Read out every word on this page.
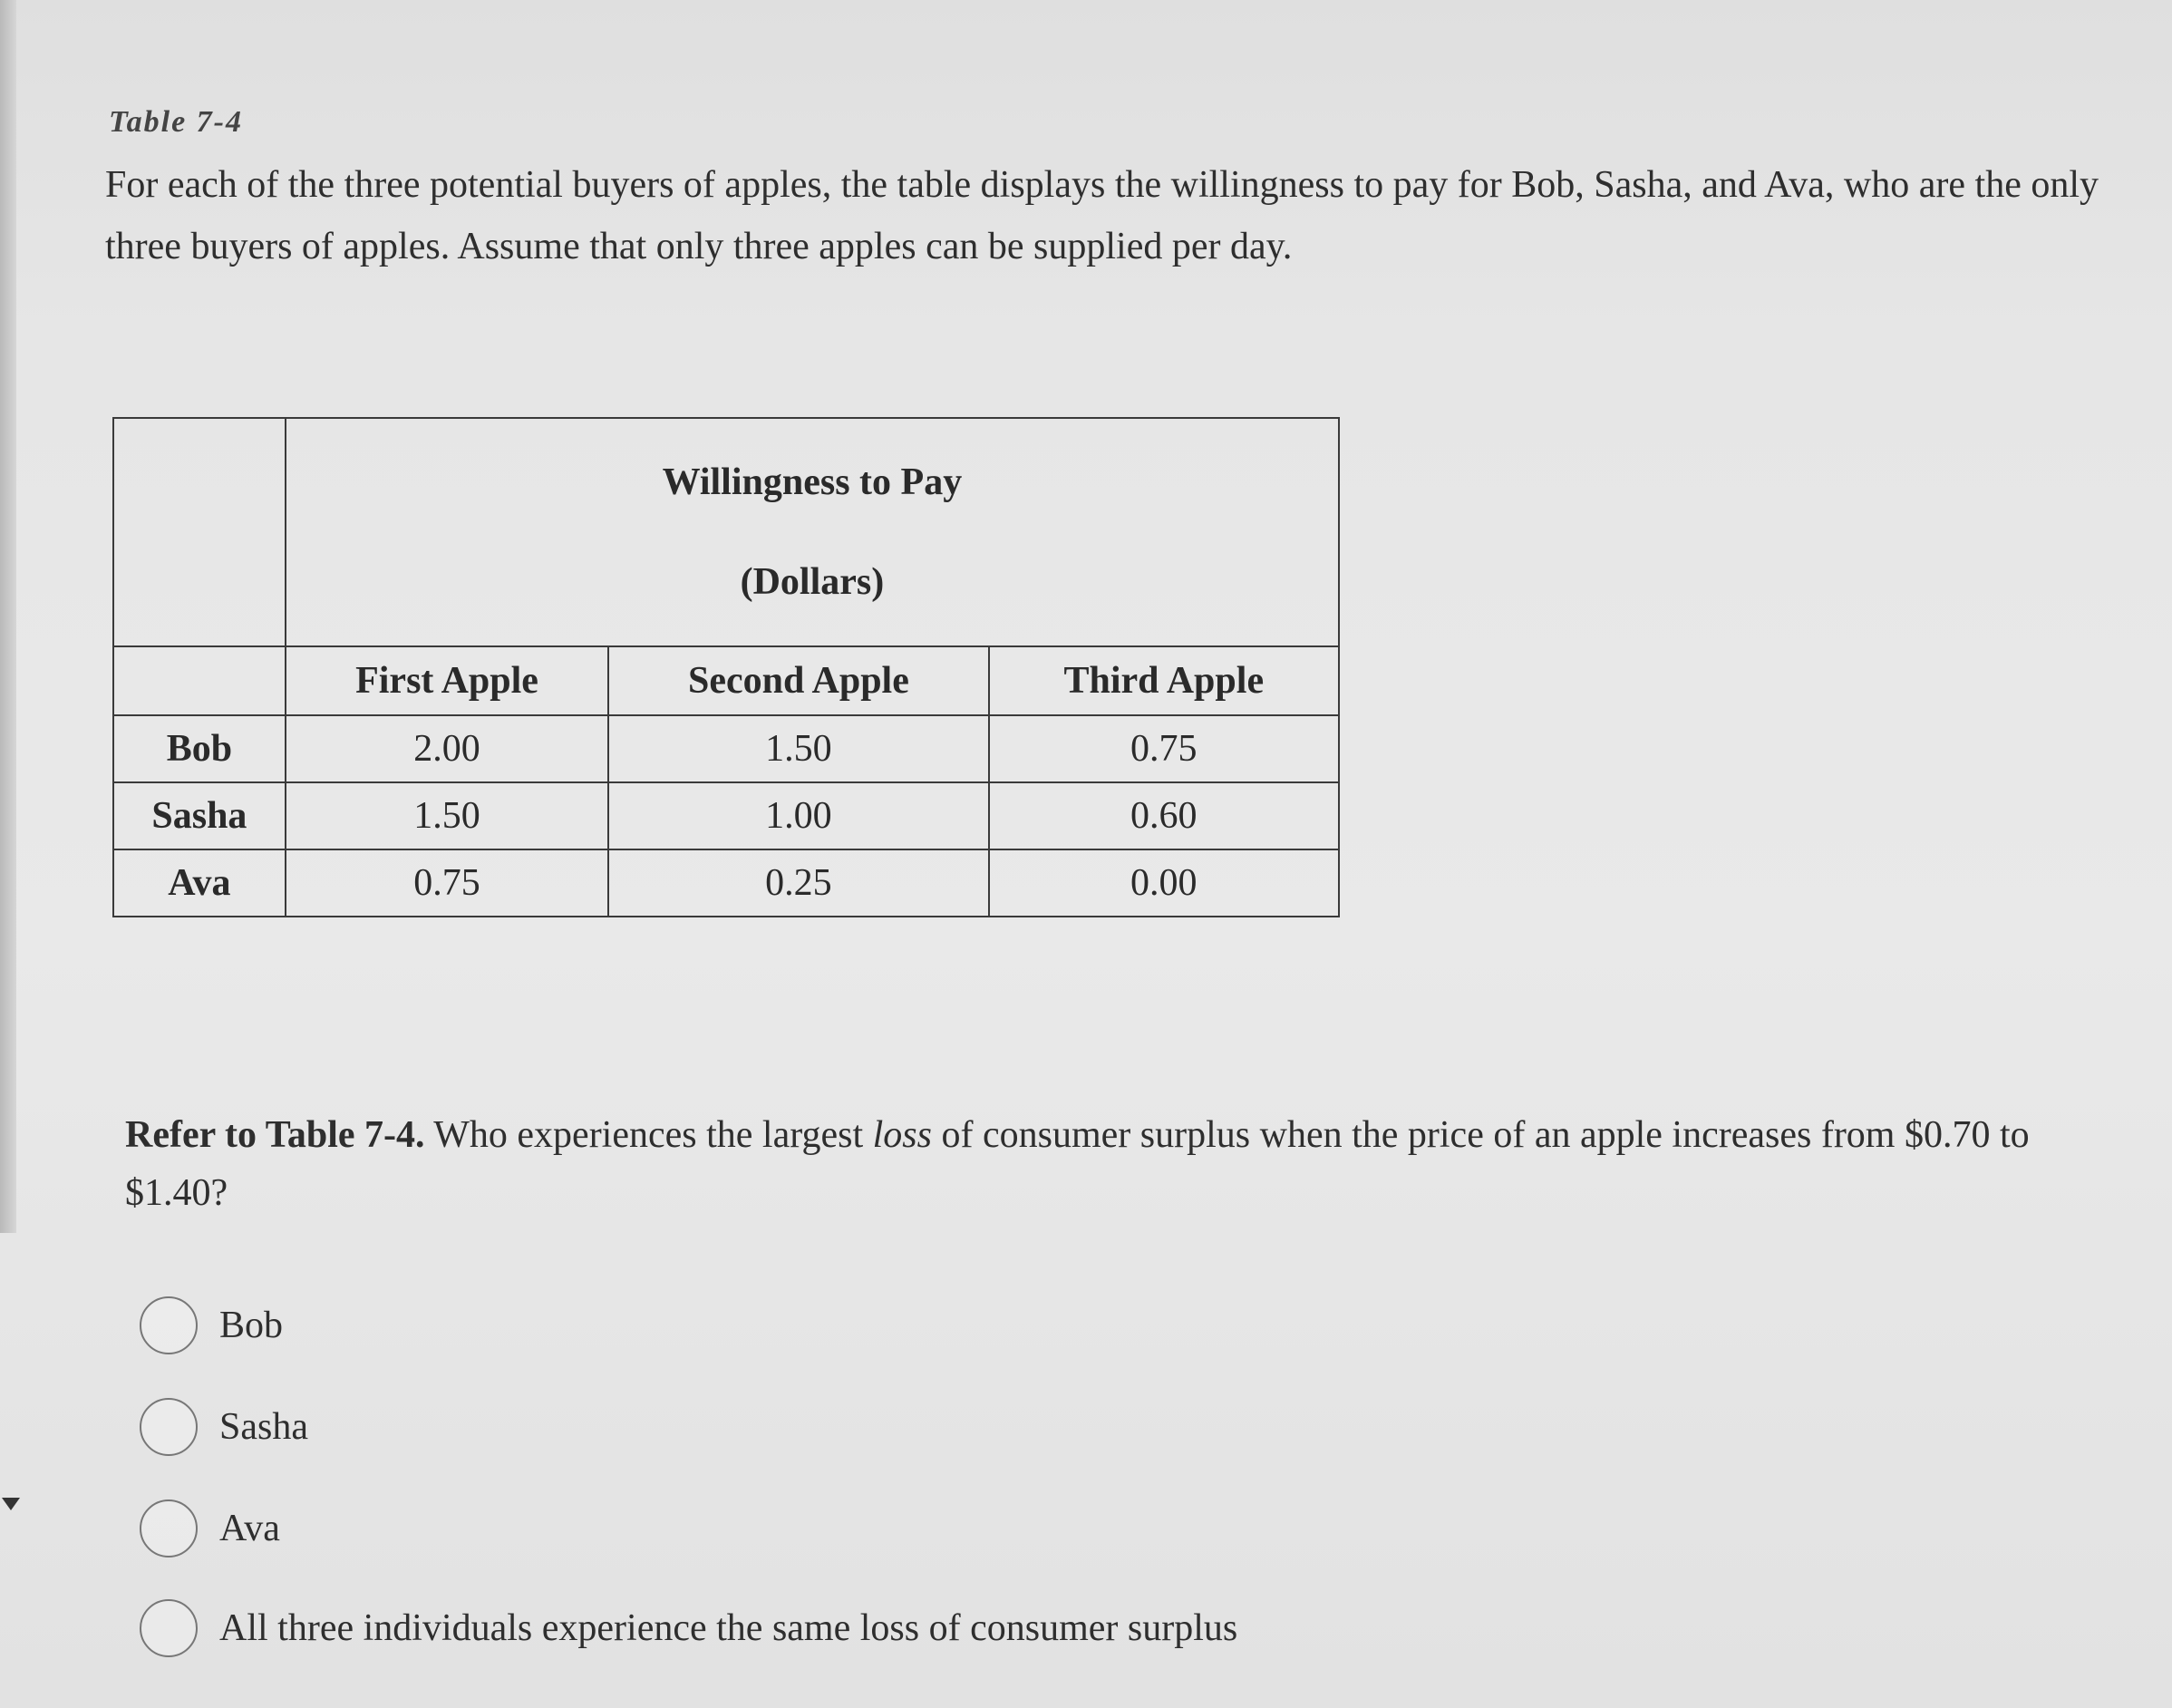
Table 7-4
For each of the three potential buyers of apples, the table displays the willingness to pay for Bob, Sasha, and Ava, who are the only three buyers of apples. Assume that only three apples can be supplied per day.

	Willingness to Pay
(Dollars)		

	First Apple	Second Apple	Third Apple
Bob	2.00	1.50	0.75
Sasha	1.50	1.00	0.60
Ava	0.75	0.25	0.00
Refer to Table 7-4. Who experiences the largest loss of consumer surplus when the price of an apple increases from $0.70 to $1.40?
Bob
Sasha
Ava
All three individuals experience the same loss of consumer surplus
